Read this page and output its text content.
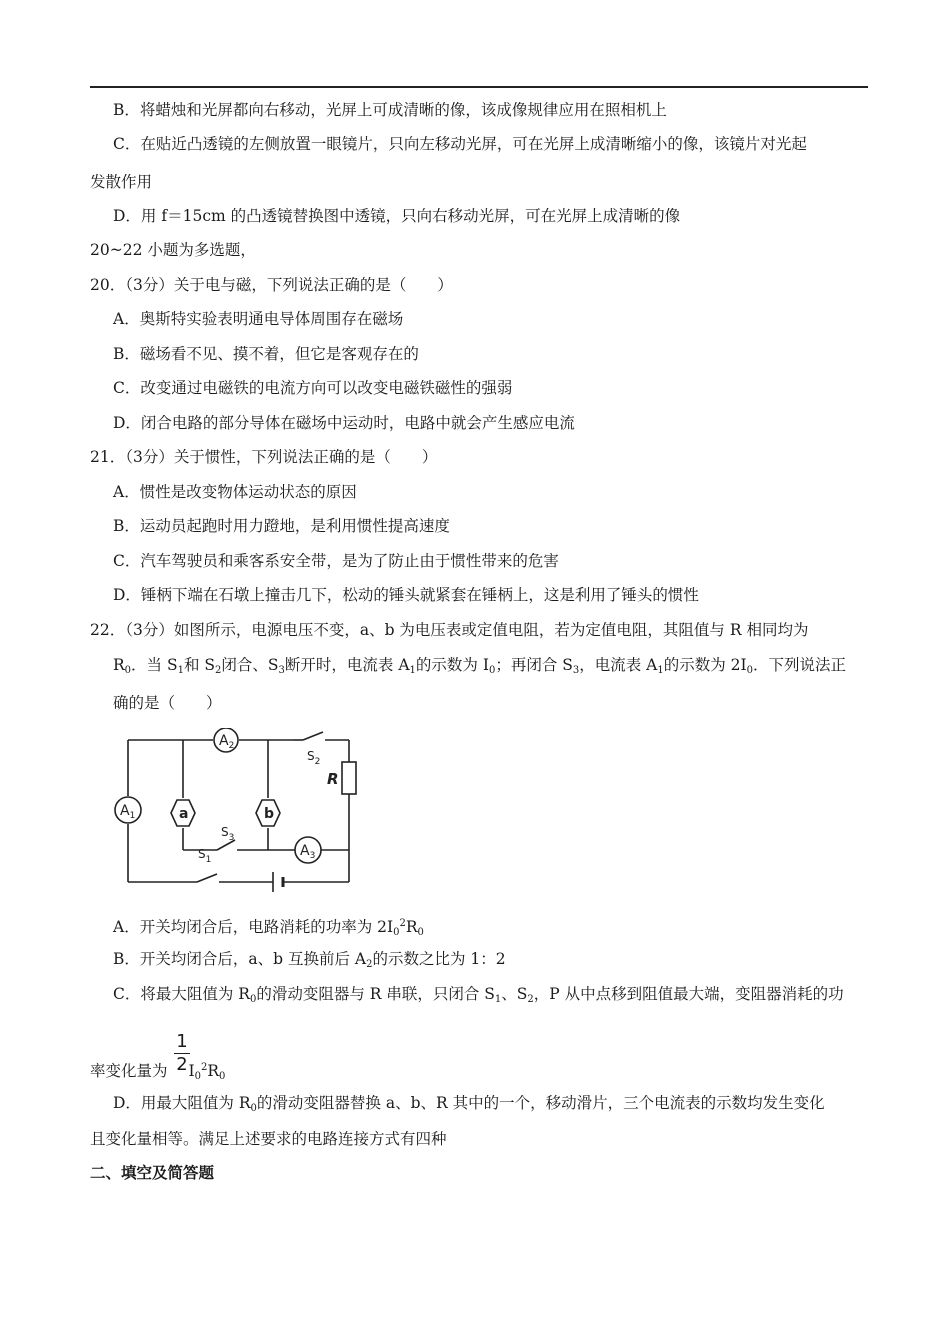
B．将蜡烛和光屏都向右移动，光屏上可成清晰的像，该成像规律应用在照相机上
C．在贴近凸透镜的左侧放置一眼镜片，只向左移动光屏，可在光屏上成清晰缩小的像，该镜片对光起
发散作用
D．用 f＝15cm 的凸透镜替换图中透镜，只向右移动光屏，可在光屏上成清晰的像
20~22 小题为多选题，
20．（3分）关于电与磁，下列说法正确的是（　　）
A．奥斯特实验表明通电导体周围存在磁场
B．磁场看不见、摸不着，但它是客观存在的
C．改变通过电磁铁的电流方向可以改变电磁铁磁性的强弱
D．闭合电路的部分导体在磁场中运动时，电路中就会产生感应电流
21．（3分）关于惯性，下列说法正确的是（　　）
A．惯性是改变物体运动状态的原因
B．运动员起跑时用力蹬地，是利用惯性提高速度
C．汽车驾驶员和乘客系安全带，是为了防止由于惯性带来的危害
D．锤柄下端在石墩上撞击几下，松动的锤头就紧套在锤柄上，这是利用了锤头的惯性
22．（3分）如图所示，电源电压不变，a、b 为电压表或定值电阻，若为定值电阻，其阻值与 R 相同均为
$R_0$．当 $S_1$和 $S_2$闭合、$S_3$断开时，电流表 $A_1$的示数为 $I_0$；再闭合 $S_3$，电流表 $A_1$的示数为 $2I_0$．下列说法正
确的是（　　）
$A_2$
$A_1$
$A_3$
a	b
R
$S_2$
$S_3$
$S_1$
A．开关均闭合后，电路消耗的功率为 $2I_0^2R_0$
B．开关均闭合后，a、b 互换前后 $A_2$的示数之比为 1：2
C．将最大阻值为 $R_0$的滑动变阻器与 R 串联，只闭合 $S_1$、$S_2$，P 从中点移到阻值最大端，变阻器消耗的功
$\frac{1}{2}$
率变化量为 $I_0^2R_0$
D．用最大阻值为 $R_0$的滑动变阻器替换 a、b、R 其中的一个，移动滑片，三个电流表的示数均发生变化
且变化量相等。满足上述要求的电路连接方式有四种
二、填空及简答题
